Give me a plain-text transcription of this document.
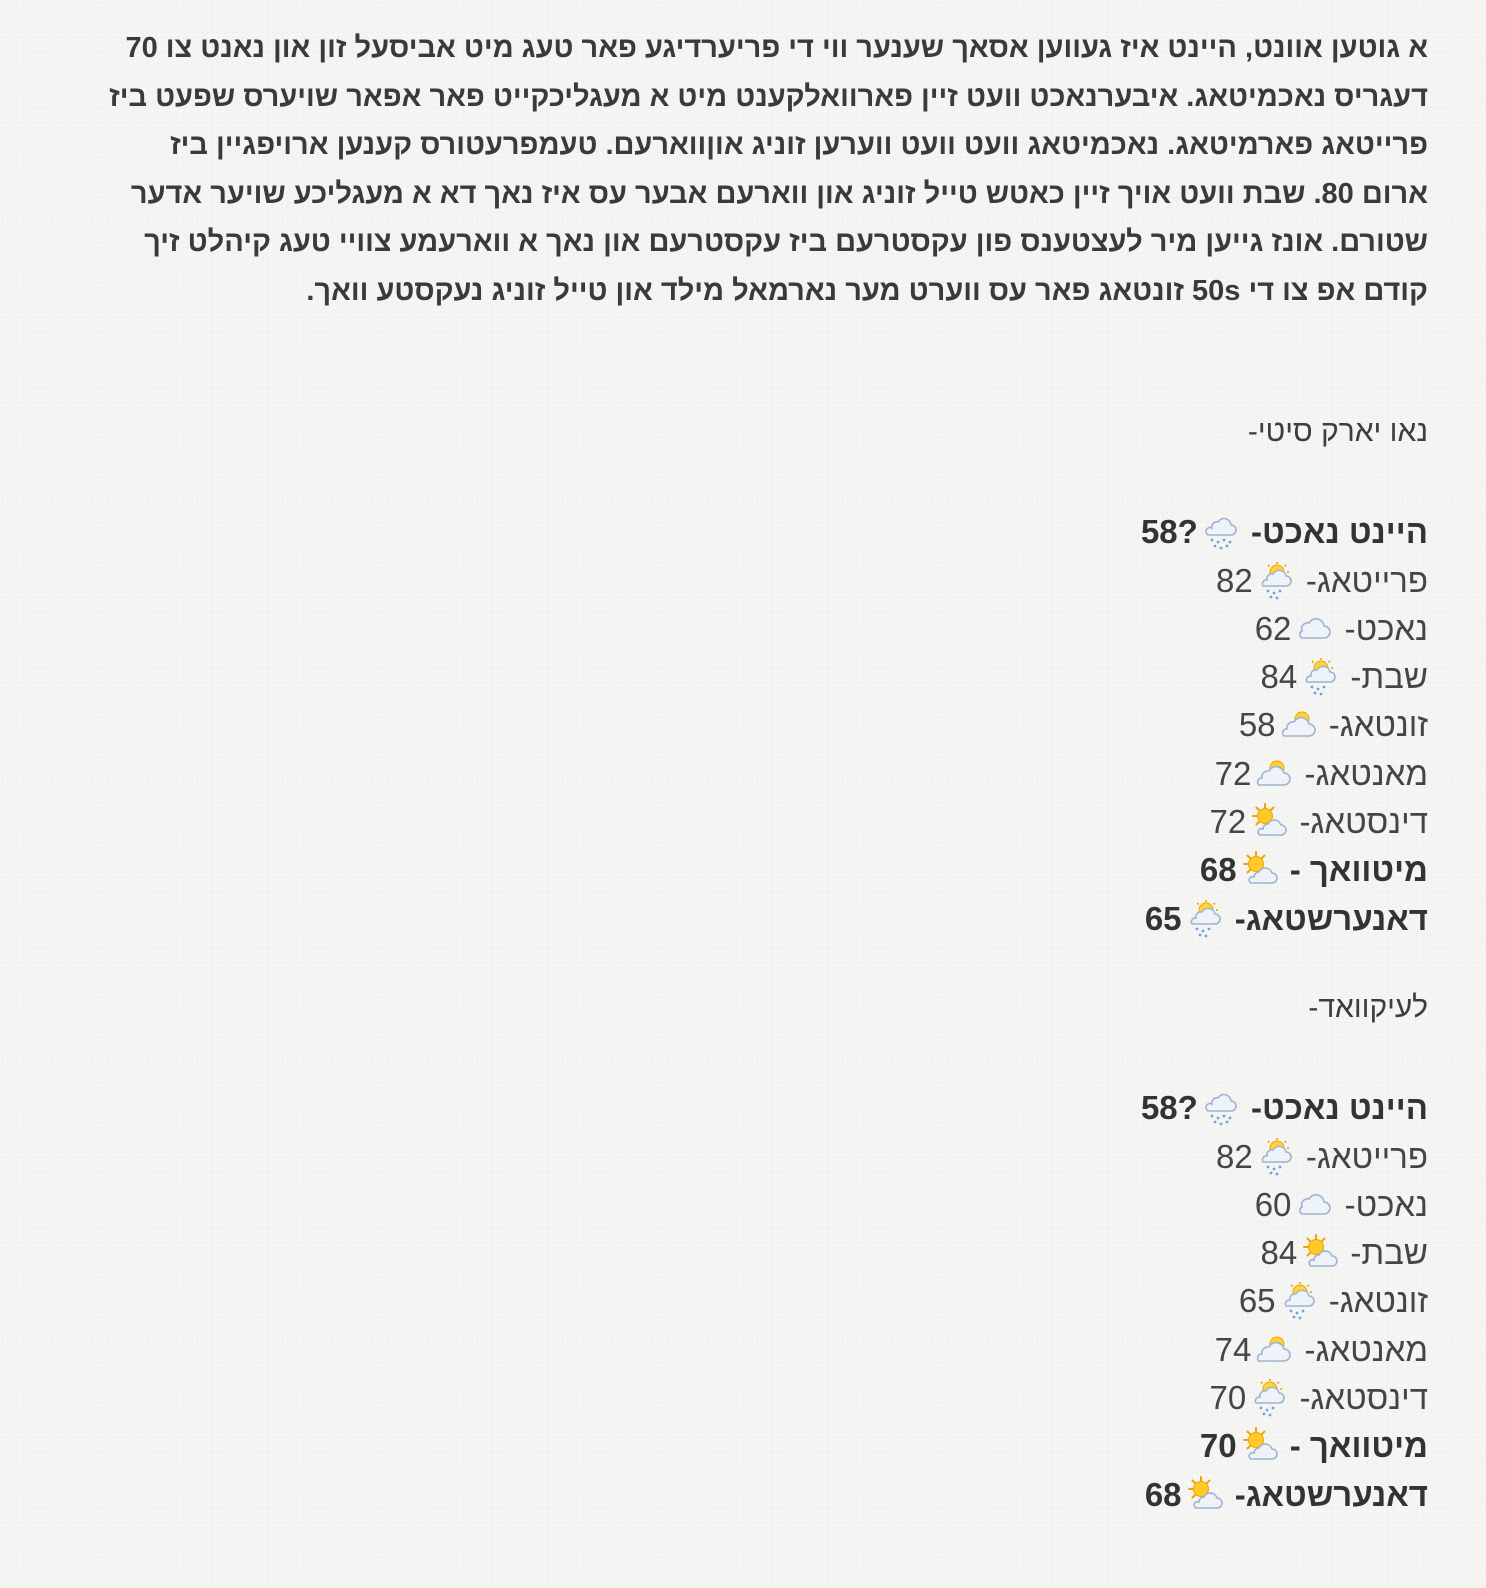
א גוטען אוונט, היינט איז געווען אסאך שענער ווי די פריערדיגע פאר טעג מיט אביסעל זון און נאנט צו 70 דעגריס נאכמיטאג. איבערנאכט וועט זיין פארוואלקענט מיט א מעגליכקייט פאר אפאר שויערס שפעט ביז פרייטאג פארמיטאג. נאכמיטאג וועט וועט ווערען זוניג אוןווארעם. טעמפרעטורס קענען ארויפגיין ביז ארום 80. שבת וועט אויך זיין כאטש טייל זוניג און ווארעם אבער עס איז נאך דא א מעגליכע שויער אדער שטורם. אונז גייען מיר לעצטענס פון עקסטרעם ביז עקסטרעם און נאך א ווארעמע צוויי טעג קיהלט זיך קודם אפ צו די 50s זונטאג פאר עס ווערט מער נארמאל מילד און טייל זוניג נעקסטע וואך.

נאו יארק סיטי-

היינט נאכט-
58?
פרייטאג-
82
נאכט-
62
שבת-
84
זונטאג-
58
מאנטאג-
72
דינסטאג-
72
מיטוואך -
68
דאנערשטאג-
65

לעיקוואד-

היינט נאכט-
58?
פרייטאג-
82
נאכט-
60
שבת-
84
זונטאג-
65
מאנטאג-
74
דינסטאג-
70
מיטוואך -
70
דאנערשטאג-
68
